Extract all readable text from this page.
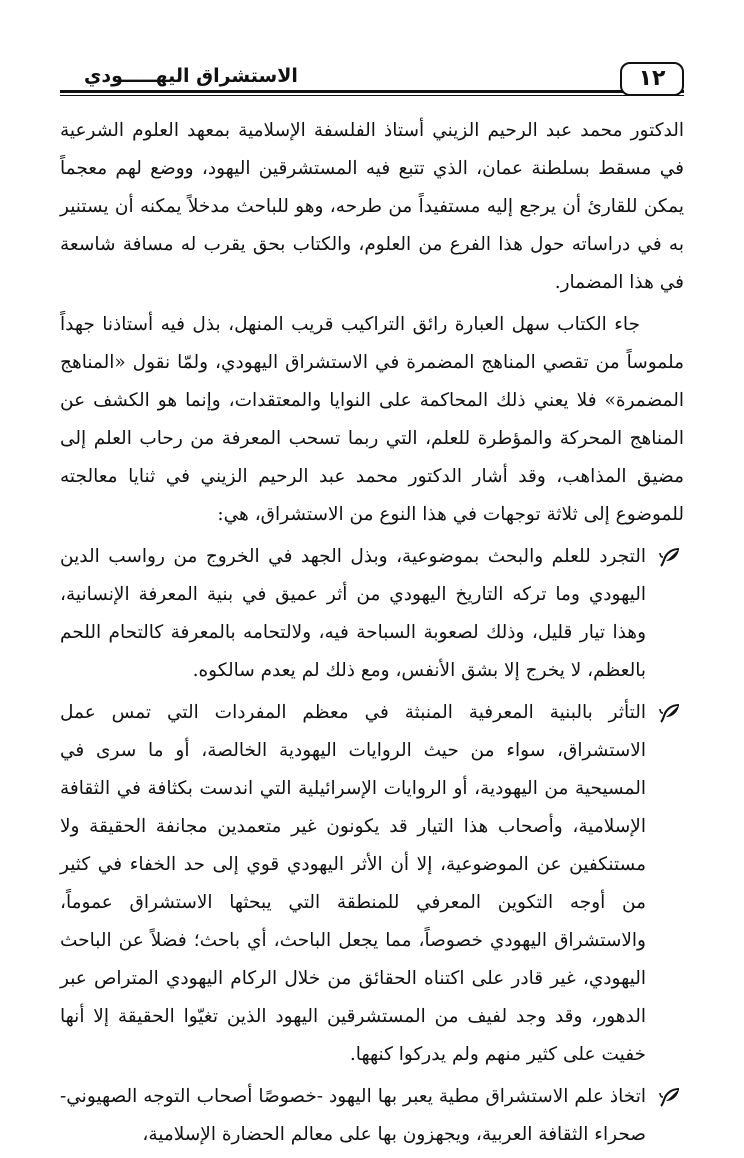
الاستشراق اليهـــــودي	١٢

الدكتور محمد عبد الرحيم الزيني أستاذ الفلسفة الإسلامية بمعهد العلوم الشرعية في مسقط بسلطنة عمان، الذي تتبع فيه المستشرقين اليهود، ووضع لهم معجماً يمكن للقارئ أن يرجع إليه مستفيداً من طرحه، وهو للباحث مدخلاً يمكنه أن يستنير به في دراساته حول هذا الفرع من العلوم، والكتاب بحق يقرب له مسافة شاسعة في هذا المضمار.

جاء الكتاب سهل العبارة رائق التراكيب قريب المنهل، بذل فيه أستاذنا جهداً ملموساً من تقصي المناهج المضمرة في الاستشراق اليهودي، ولمّا نقول «المناهج المضمرة» فلا يعني ذلك المحاكمة على النوايا والمعتقدات، وإنما هو الكشف عن المناهج المحركة والمؤطرة للعلم، التي ربما تسحب المعرفة من رحاب العلم إلى مضيق المذاهب، وقد أشار الدكتور محمد عبد الرحيم الزيني في ثنايا معالجته للموضوع إلى ثلاثة توجهات في هذا النوع من الاستشراق، هي:

التجرد للعلم والبحث بموضوعية، وبذل الجهد في الخروج من رواسب الدين اليهودي وما تركه التاريخ اليهودي من أثر عميق في بنية المعرفة الإنسانية، وهذا تيار قليل، وذلك لصعوبة السباحة فيه، ولالتحامه بالمعرفة كالتحام اللحم بالعظم، لا يخرج إلا بشق الأنفس، ومع ذلك لم يعدم سالكوه.
التأثر بالبنية المعرفية المنبثة في معظم المفردات التي تمس عمل الاستشراق، سواء من حيث الروايات اليهودية الخالصة، أو ما سرى في المسيحية من اليهودية، أو الروايات الإسرائيلية التي اندست بكثافة في الثقافة الإسلامية، وأصحاب هذا التيار قد يكونون غير متعمدين مجانفة الحقيقة ولا مستنكفين عن الموضوعية، إلا أن الأثر اليهودي قوي إلى حد الخفاء في كثير من أوجه التكوين المعرفي للمنطقة التي يبحثها الاستشراق عموماً، والاستشراق اليهودي خصوصاً، مما يجعل الباحث، أي باحث؛ فضلاً عن الباحث اليهودي، غير قادر على اكتناه الحقائق من خلال الركام اليهودي المتراص عبر الدهور، وقد وجد لفيف من المستشرقين اليهود الذين تغيّوا الحقيقة إلا أنها خفيت على كثير منهم ولم يدركوا كنهها.
اتخاذ علم الاستشراق مطية يعبر بها اليهود -خصوصًا أصحاب التوجه الصهيوني- صحراء الثقافة العربية، ويجهزون بها على معالم الحضارة الإسلامية،
